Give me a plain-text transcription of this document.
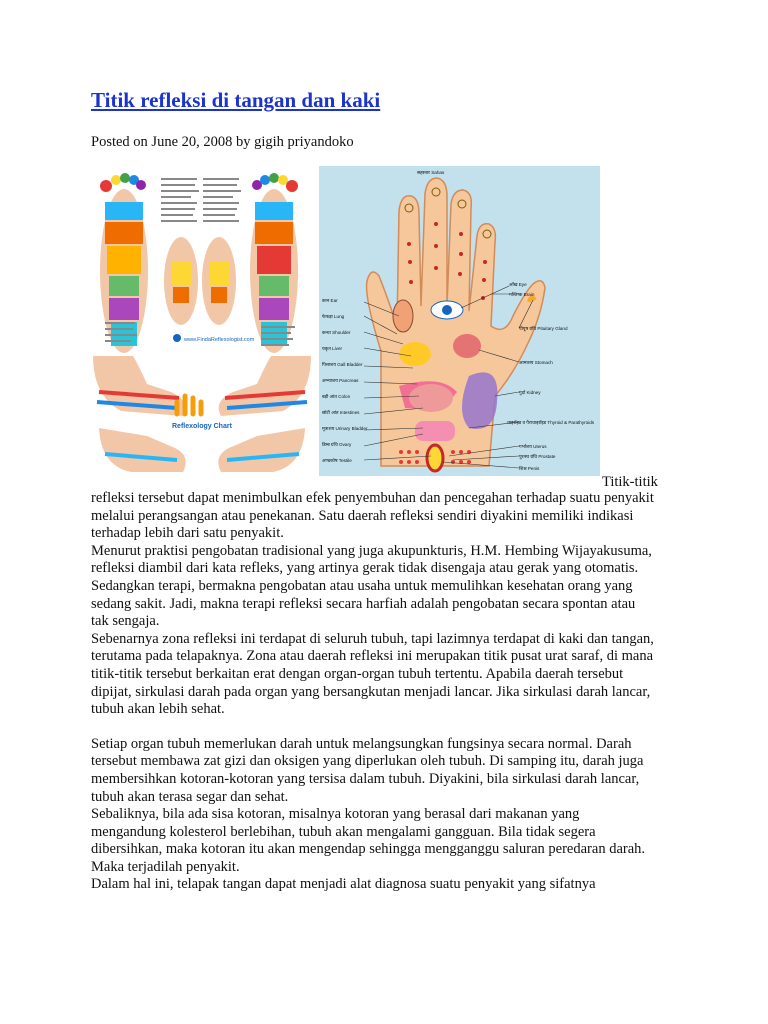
Titik refleksi di tangan dan kaki
Posted on June 20, 2008 by gigih priyandoko
www.FindaReflexologist.com
Reflexology Chart
सहस्त्रार Sahas
कान Ear
फेफड़ा Lung
कन्धा Shoulder
यकृत Liver
पित्ताशय Gall Bladder
अग्न्याशय Pancreas
बड़ी आंत Colon
छोटी आंत Intestines
मूत्राशय Urinary Bladder
डिम्ब ग्रंथि Ovary
अण्डकोष Testile
आँख Eye
मस्तिष्क Brain
पीयूष ग्रंथि Pituitary Gland
आमाशय Stomach
गुर्दा Kidney
थाइरॉइड व पैराथाइरॉइड Thyroid & Parathyroids
गर्भाशय Uterus
पुरःस्थ ग्रंथि Prostate
शिश्न Penis
Titik-titik
refleksi tersebut dapat menimbulkan efek penyembuhan dan pencegahan terhadap suatu penyakit
melalui perangsangan atau penekanan. Satu daerah refleksi sendiri diyakini memiliki indikasi
terhadap lebih dari satu penyakit.
Menurut praktisi pengobatan tradisional yang juga akupunkturis, H.M. Hembing Wijayakusuma,
refleksi diambil dari kata refleks, yang artinya gerak tidak disengaja atau gerak yang otomatis.
Sedangkan terapi, bermakna pengobatan atau usaha untuk memulihkan kesehatan orang yang
sedang sakit. Jadi, makna terapi refleksi secara harfiah adalah pengobatan secara spontan atau
tak sengaja.
Sebenarnya zona refleksi ini terdapat di seluruh tubuh, tapi lazimnya terdapat di kaki dan tangan,
terutama pada telapaknya. Zona atau daerah refleksi ini merupakan titik pusat urat saraf, di mana
titik-titik tersebut berkaitan erat dengan organ-organ tubuh tertentu. Apabila daerah tersebut
dipijat, sirkulasi darah pada organ yang bersangkutan menjadi lancar. Jika sirkulasi darah lancar,
tubuh akan lebih sehat.
Setiap organ tubuh memerlukan darah untuk melangsungkan fungsinya secara normal. Darah
tersebut membawa zat gizi dan oksigen yang diperlukan oleh tubuh. Di samping itu, darah juga
membersihkan kotoran-kotoran yang tersisa dalam tubuh. Diyakini, bila sirkulasi darah lancar,
tubuh akan terasa segar dan sehat.
Sebaliknya, bila ada sisa kotoran, misalnya kotoran yang berasal dari makanan yang
mengandung kolesterol berlebihan, tubuh akan mengalami gangguan. Bila tidak segera
dibersihkan, maka kotoran itu akan mengendap sehingga mengganggu saluran peredaran darah.
Maka terjadilah penyakit.
Dalam hal ini, telapak tangan dapat menjadi alat diagnosa suatu penyakit yang sifatnya
